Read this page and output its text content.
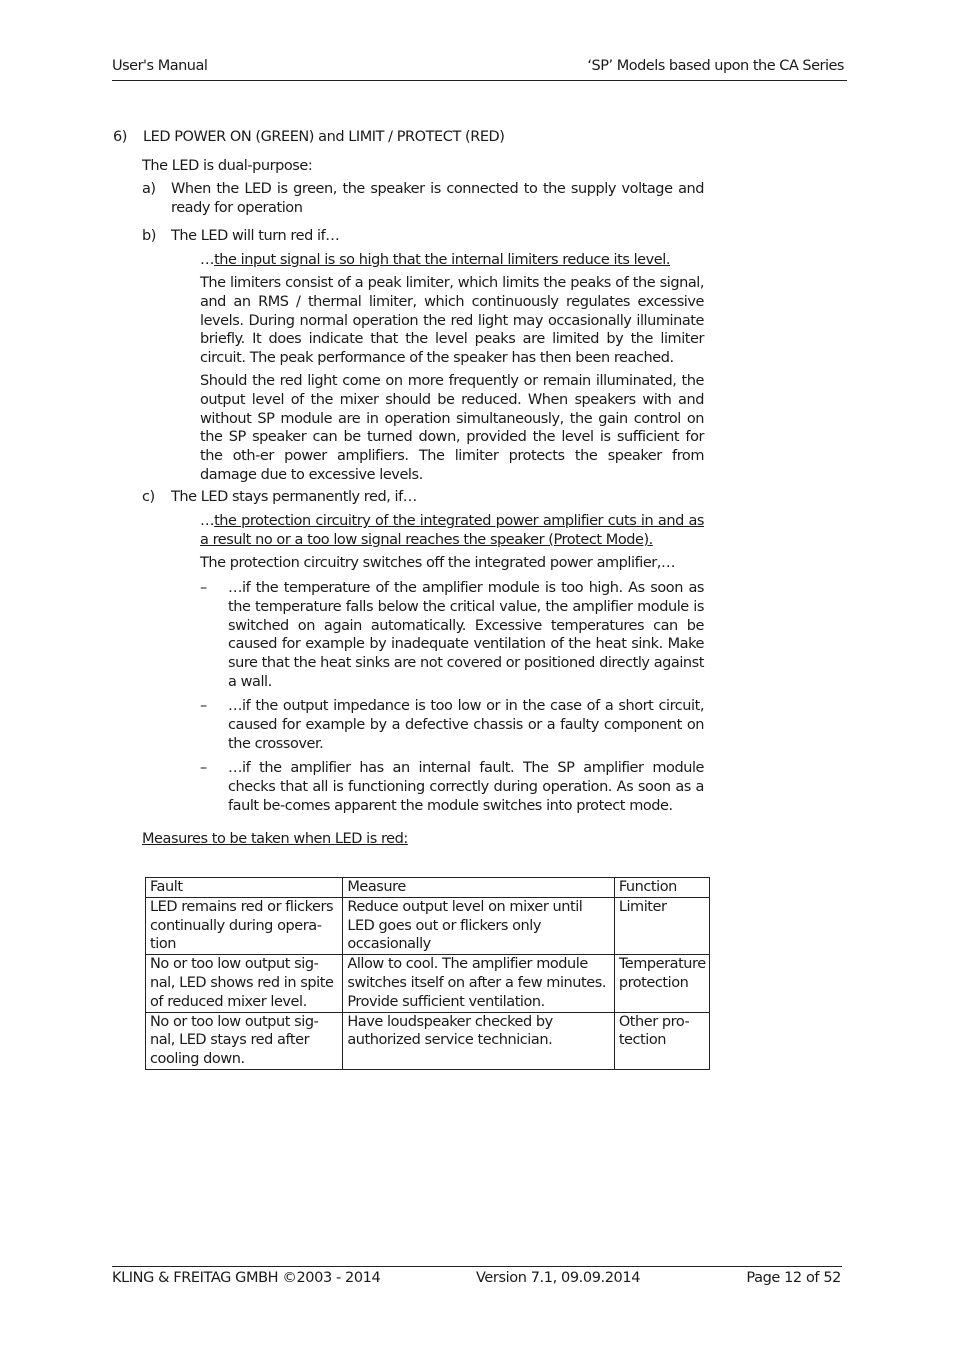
User's Manual	‘SP’ Models based upon the CA Series
6) LED POWER ON (GREEN) and LIMIT / PROTECT (RED)
The LED is dual-purpose:
a) When the LED is green, the speaker is connected to the supply voltage and ready for operation
b) The LED will turn red if…
…the input signal is so high that the internal limiters reduce its level.
The limiters consist of a peak limiter, which limits the peaks of the signal, and an RMS / thermal limiter, which continuously regulates excessive levels. During normal operation the red light may occasionally illuminate briefly. It does indicate that the level peaks are limited by the limiter circuit. The peak performance of the speaker has then been reached.
Should the red light come on more frequently or remain illuminated, the output level of the mixer should be reduced. When speakers with and without SP module are in operation simultaneously, the gain control on the SP speaker can be turned down, provided the level is sufficient for the oth-er power amplifiers. The limiter protects the speaker from damage due to excessive levels.
c) The LED stays permanently red, if…
…the protection circuitry of the integrated power amplifier cuts in and as a result no or a too low signal reaches the speaker (Protect Mode).
The protection circuitry switches off the integrated power amplifier,…
– …if the temperature of the amplifier module is too high. As soon as the temperature falls below the critical value, the amplifier module is switched on again automatically. Excessive temperatures can be caused for example by inadequate ventilation of the heat sink. Make sure that the heat sinks are not covered or positioned directly against a wall.
– …if the output impedance is too low or in the case of a short circuit, caused for example by a defective chassis or a faulty component on the crossover.
– …if the amplifier has an internal fault. The SP amplifier module checks that all is functioning correctly during operation. As soon as a fault be-comes apparent the module switches into protect mode.
Measures to be taken when LED is red:
Fault	Measure	Function
LED remains red or flickers continually during opera-tion	Reduce output level on mixer until LED goes out or flickers only occasionally	Limiter
No or too low output sig-nal, LED shows red in spite of reduced mixer level.	Allow to cool. The amplifier module switches itself on after a few minutes. Provide sufficient ventilation.	Temperature protection
No or too low output sig-nal, LED stays red after cooling down.	Have loudspeaker checked by authorized service technician.	Other pro-tection
KLING & FREITAG GMBH ©2003 - 2014	Version 7.1, 09.09.2014	Page 12 of 52
